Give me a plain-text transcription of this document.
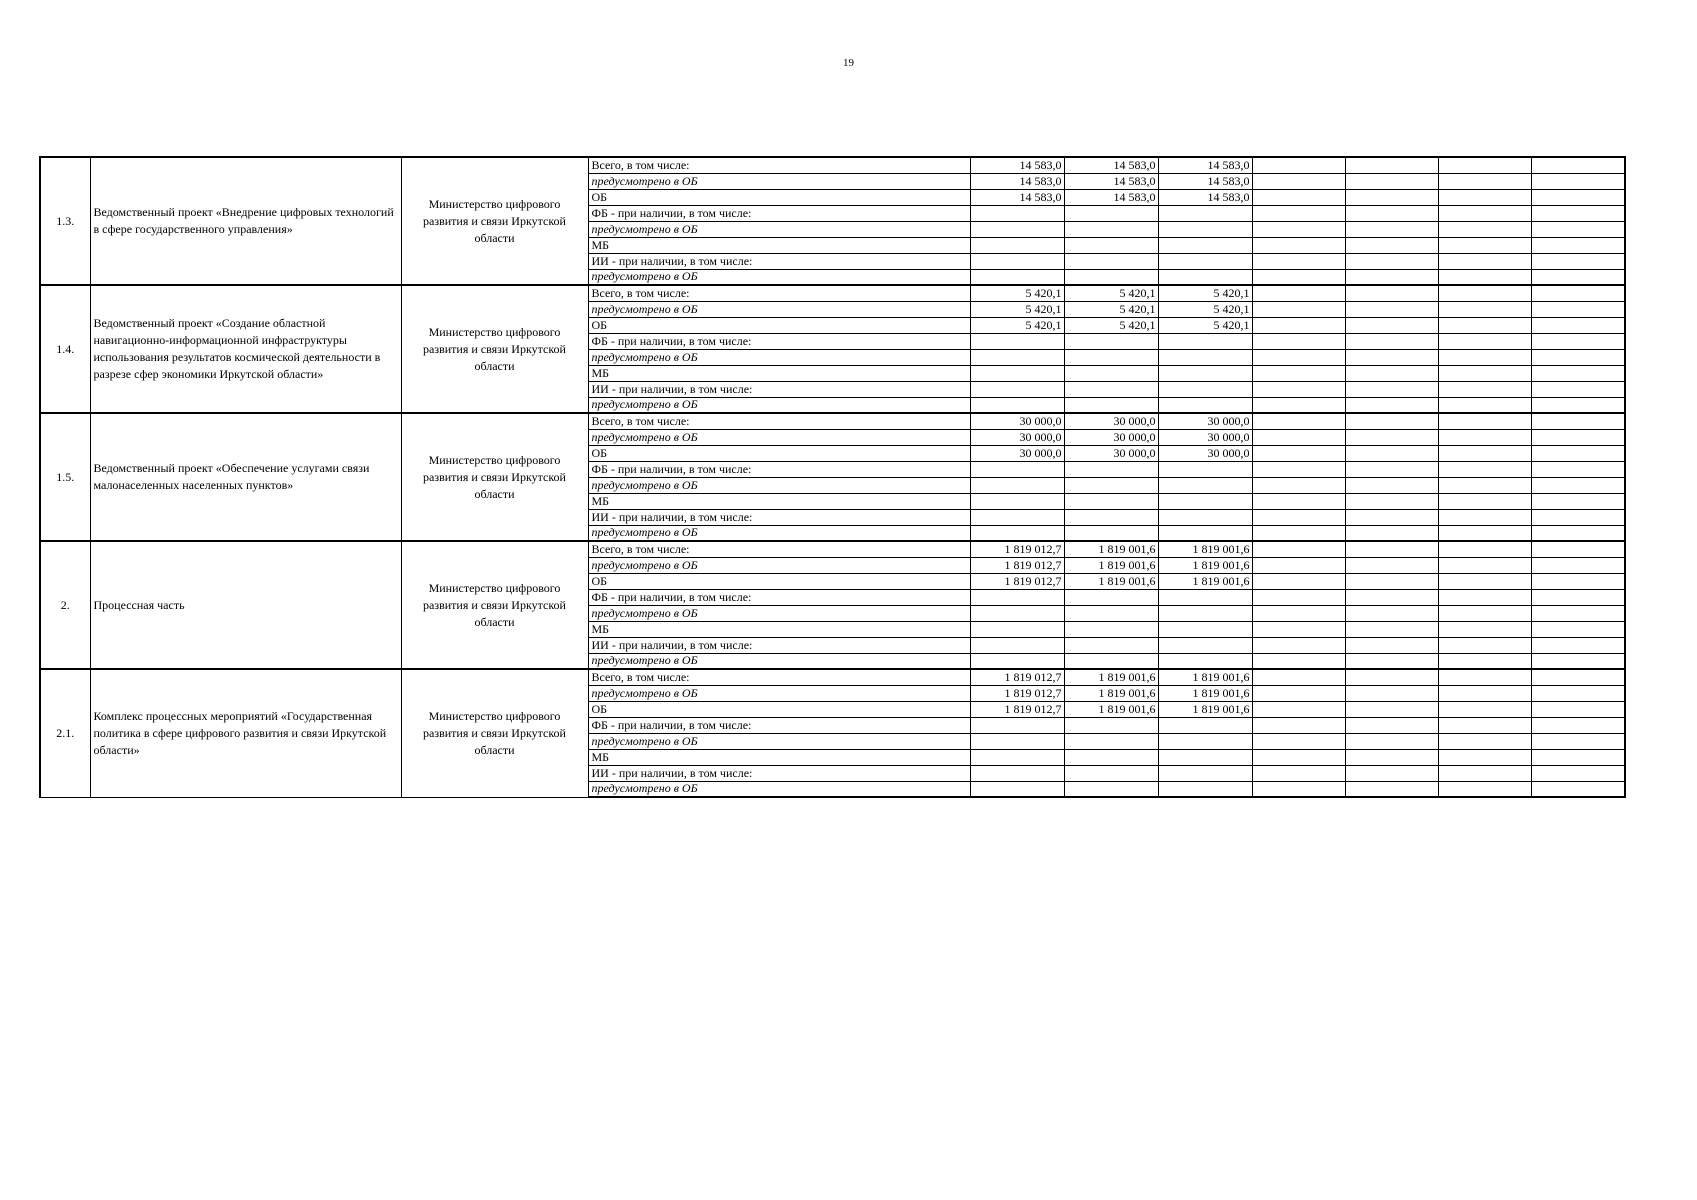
19
1.3.	Ведомственный проект «Внедрение цифровых технологий в сфере государственного управления»	Министерство цифрового развития и связи Иркутской области	Всего, в том числе:	14 583,0	14 583,0	14 583,0				
			предусмотрено в ОБ	14 583,0	14 583,0	14 583,0				
			ОБ	14 583,0	14 583,0	14 583,0				
			ФБ - при наличии, в том числе:							
			предусмотрено в ОБ							
			МБ							
			ИИ - при наличии, в том числе:							
			предусмотрено в ОБ							
1.4.	Ведомственный проект «Создание областной навигационно-информационной инфраструктуры использования результатов космической деятельности в разрезе сфер экономики Иркутской области»	Министерство цифрового развития и связи Иркутской области	Всего, в том числе:	5 420,1	5 420,1	5 420,1				
			предусмотрено в ОБ	5 420,1	5 420,1	5 420,1				
			ОБ	5 420,1	5 420,1	5 420,1				
			ФБ - при наличии, в том числе:							
			предусмотрено в ОБ							
			МБ							
			ИИ - при наличии, в том числе:							
			предусмотрено в ОБ							
1.5.	Ведомственный проект «Обеспечение услугами связи малонаселенных населенных пунктов»	Министерство цифрового развития и связи Иркутской области	Всего, в том числе:	30 000,0	30 000,0	30 000,0				
			предусмотрено в ОБ	30 000,0	30 000,0	30 000,0				
			ОБ	30 000,0	30 000,0	30 000,0				
			ФБ - при наличии, в том числе:							
			предусмотрено в ОБ							
			МБ							
			ИИ - при наличии, в том числе:							
			предусмотрено в ОБ							
2.	Процессная часть	Министерство цифрового развития и связи Иркутской области	Всего, в том числе:	1 819 012,7	1 819 001,6	1 819 001,6				
			предусмотрено в ОБ	1 819 012,7	1 819 001,6	1 819 001,6				
			ОБ	1 819 012,7	1 819 001,6	1 819 001,6				
			ФБ - при наличии, в том числе:							
			предусмотрено в ОБ							
			МБ							
			ИИ - при наличии, в том числе:							
			предусмотрено в ОБ							
2.1.	Комплекс процессных мероприятий «Государственная политика в сфере цифрового развития и связи Иркутской области»	Министерство цифрового развития и связи Иркутской области	Всего, в том числе:	1 819 012,7	1 819 001,6	1 819 001,6				
			предусмотрено в ОБ	1 819 012,7	1 819 001,6	1 819 001,6				
			ОБ	1 819 012,7	1 819 001,6	1 819 001,6				
			ФБ - при наличии, в том числе:							
			предусмотрено в ОБ							
			МБ							
			ИИ - при наличии, в том числе:							
			предусмотрено в ОБ							
